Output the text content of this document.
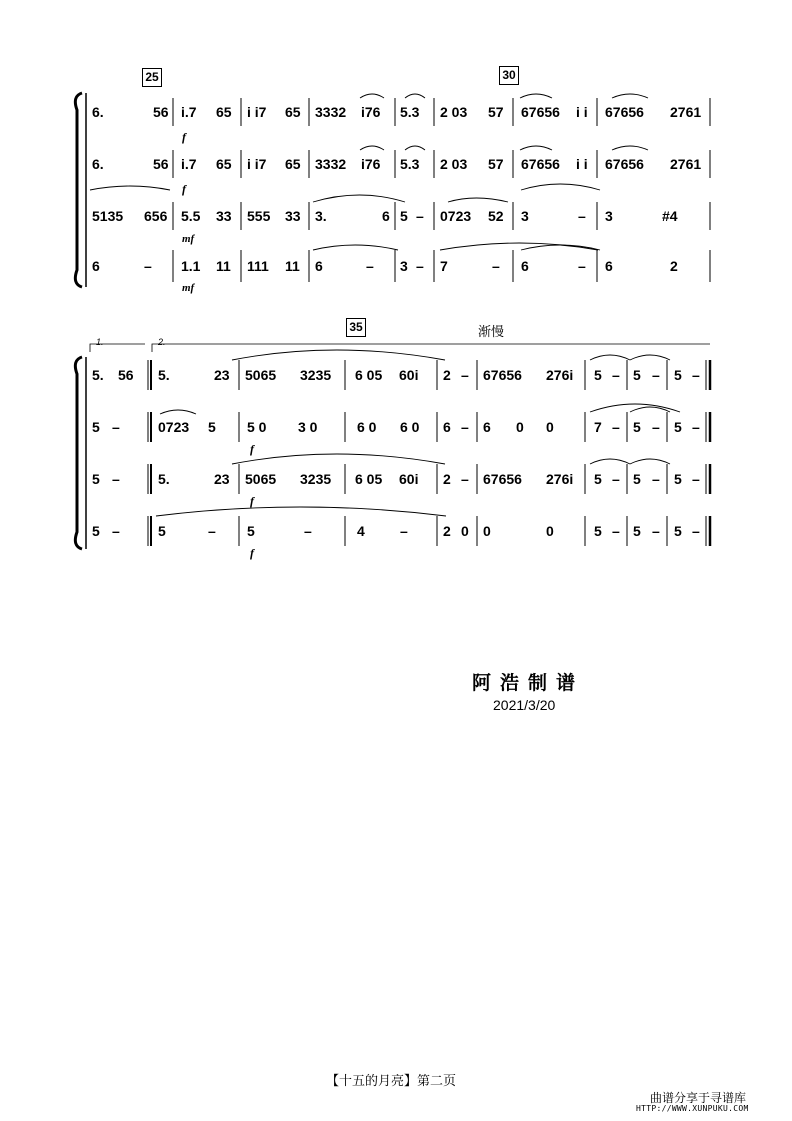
25	30
35	渐慢
6.	56 i.7 65 i i7 65 3332 i76 5.3 2 03 57 67656 i i 67656 2761
6.	56 i.7 65 i i7 65 3332 i76 5.3 2 03 57 67656 i i 67656 2761
5135 656 5.5 33 555 33 3.	6 5 – 0723 52 3	– 3	#4
6	– 1.1 11 111 11 6	– 3 – 7	– 6	– 6	2
f
f
mf
mf
5. 56 5.	23 5065 3235 6 05 60i 2 – 67656 276i 5 – 5 – 5 –
5 –	0723 5 5 0 3 0	6 0 6 0 6 – 6 0 0	7 – 5 – 5 –
5 –	5.	23 5065 3235 6 05 60i 2 – 67656 276i 5 – 5 – 5 –
5 –	5	– 5	–	4	–	2 0 0	0	5 – 5 – 5 –
1.	2.
f
f
f
阿浩制谱
2021/3/20
【十五的月亮】第二页
曲谱分享于寻谱库
HTTP://WWW.XUNPUKU.COM
